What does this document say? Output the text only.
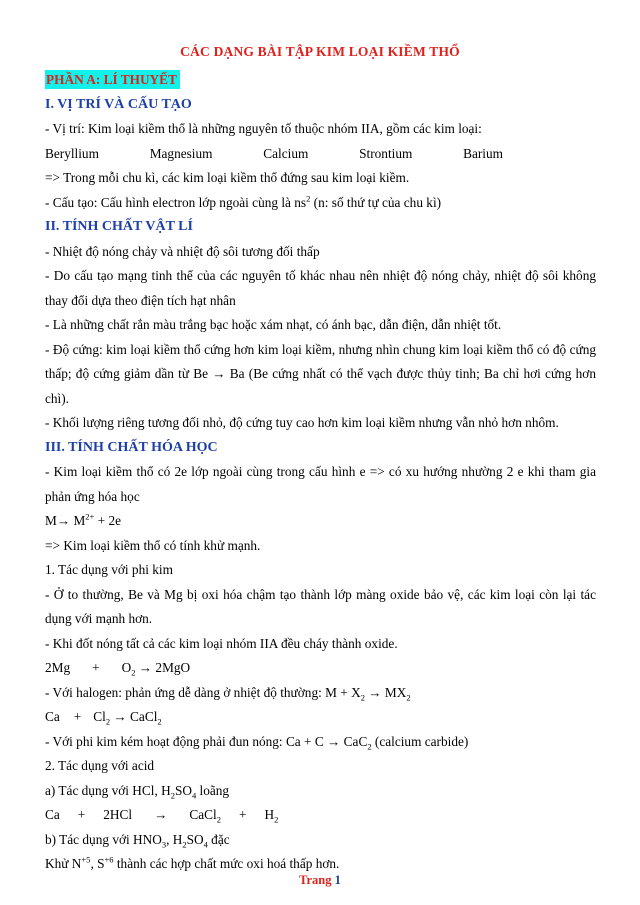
CÁC DẠNG BÀI TẬP KIM LOẠI KIỀM THỔ

PHẦN A: LÍ THUYẾT

I. VỊ TRÍ VÀ CẤU TẠO

- Vị trí: Kim loại kiềm thổ là những nguyên tố thuộc nhóm IIA, gồm các kim loại:

Beryllium	Magnesium	Calcium	Strontium	Barium

=> Trong mỗi chu kì, các kim loại kiềm thổ đứng sau kim loại kiềm.

- Cấu tạo: Cấu hình electron lớp ngoài cùng là $ns^2$ (n: số thứ tự của chu kì)

II. TÍNH CHẤT VẬT LÍ

- Nhiệt độ nóng chảy và nhiệt độ sôi tương đối thấp

- Do cấu tạo mạng tinh thể của các nguyên tố khác nhau nên nhiệt độ nóng chảy, nhiệt độ sôi không thay đổi dựa theo điện tích hạt nhân

- Là những chất rắn màu trắng bạc hoặc xám nhạt, có ánh bạc, dẫn điện, dẫn nhiệt tốt.

- Độ cứng: kim loại kiềm thổ cứng hơn kim loại kiềm, nhưng nhìn chung kim loại kiềm thổ có độ cứng thấp; độ cứng giảm dần từ Be → Ba (Be cứng nhất có thể vạch được thủy tinh; Ba chỉ hơi cứng hơn chì).

- Khối lượng riêng tương đối nhỏ, độ cứng tuy cao hơn kim loại kiềm nhưng vẫn nhỏ hơn nhôm.

III. TÍNH CHẤT HÓA HỌC

- Kim loại kiềm thổ có 2e lớp ngoài cùng trong cấu hình e => có xu hướng nhường 2 e khi tham gia phản ứng hóa học

$M\to M^{2+} + 2e$

=> Kim loại kiềm thổ có tính khử mạnh.

1. Tác dụng với phi kim

- Ở to thường, Be và Mg bị oxi hóa chậm tạo thành lớp màng oxide bảo vệ, các kim loại còn lại tác dụng với mạnh hơn.

- Khi đốt nóng tất cả các kim loại nhóm IIA đều cháy thành oxide.

$2Mg + O_2 \to 2MgO$

- Với halogen: phản ứng dễ dàng ở nhiệt độ thường: $M + X_2 \to MX_2$

$Ca + Cl_2$ → CaCl$_2$

- Với phi kim kém hoạt động phải đun nóng: Ca + C → CaC$_2$ (calcium carbide)

2. Tác dụng với acid

a) Tác dụng với HCl, $H_2SO_4$ loãng

Ca + 2HCl → CaCl$_2$ + $H_2$

b) Tác dụng với $HNO_3$, $H_2SO_4$ đặc

Khử $N^{+5}$, $S^{+6}$ thành các hợp chất mức oxi hoá thấp hơn.

Trang 1
